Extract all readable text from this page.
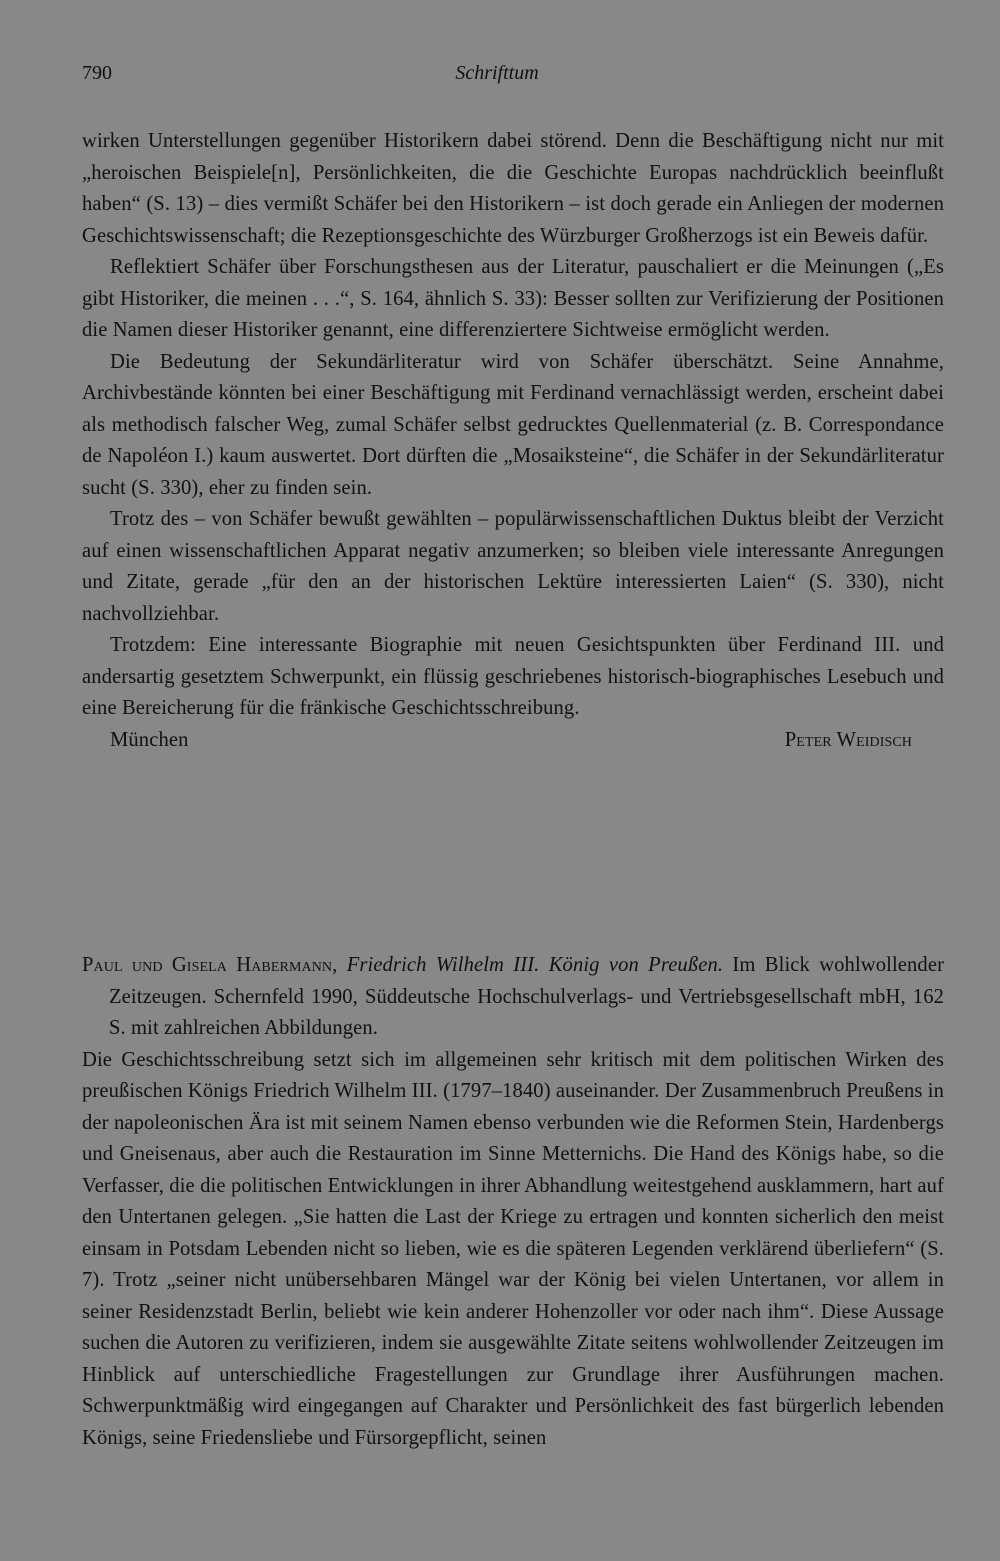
790	Schrifttum

wirken Unterstellungen gegenüber Historikern dabei störend. Denn die Beschäftigung nicht nur mit „heroischen Beispiele[n], Persönlichkeiten, die die Geschichte Europas nachdrücklich beeinflußt haben“ (S. 13) – dies vermißt Schäfer bei den Historikern – ist doch gerade ein Anliegen der modernen Geschichtswissenschaft; die Rezeptionsgeschichte des Würzburger Großherzogs ist ein Beweis dafür.

Reflektiert Schäfer über Forschungsthesen aus der Literatur, pauschaliert er die Meinungen („Es gibt Historiker, die meinen . . .“, S. 164, ähnlich S. 33): Besser sollten zur Verifizierung der Positionen die Namen dieser Historiker genannt, eine differenziertere Sichtweise ermöglicht werden.

Die Bedeutung der Sekundärliteratur wird von Schäfer überschätzt. Seine Annahme, Archivbestände könnten bei einer Beschäftigung mit Ferdinand vernachlässigt werden, erscheint dabei als methodisch falscher Weg, zumal Schäfer selbst gedrucktes Quellenmaterial (z. B. Correspondance de Napoléon I.) kaum auswertet. Dort dürften die „Mosaiksteine“, die Schäfer in der Sekundärliteratur sucht (S. 330), eher zu finden sein.

Trotz des – von Schäfer bewußt gewählten – populärwissenschaftlichen Duktus bleibt der Verzicht auf einen wissenschaftlichen Apparat negativ anzumerken; so bleiben viele interessante Anregungen und Zitate, gerade „für den an der historischen Lektüre interessierten Laien“ (S. 330), nicht nachvollziehbar.

Trotzdem: Eine interessante Biographie mit neuen Gesichtspunkten über Ferdinand III. und andersartig gesetztem Schwerpunkt, ein flüssig geschriebenes historisch-biographisches Lesebuch und eine Bereicherung für die fränkische Geschichtsschreibung.

München	Peter Weidisch

Paul und Gisela Habermann, Friedrich Wilhelm III. König von Preußen. Im Blick wohlwollender Zeitzeugen. Schernfeld 1990, Süddeutsche Hochschulverlags- und Vertriebsgesellschaft mbH, 162 S. mit zahlreichen Abbildungen.

Die Geschichtsschreibung setzt sich im allgemeinen sehr kritisch mit dem politischen Wirken des preußischen Königs Friedrich Wilhelm III. (1797–1840) auseinander. Der Zusammenbruch Preußens in der napoleonischen Ära ist mit seinem Namen ebenso verbunden wie die Reformen Stein, Hardenbergs und Gneisenaus, aber auch die Restauration im Sinne Metternichs. Die Hand des Königs habe, so die Verfasser, die die politischen Entwicklungen in ihrer Abhandlung weitestgehend ausklammern, hart auf den Untertanen gelegen. „Sie hatten die Last der Kriege zu ertragen und konnten sicherlich den meist einsam in Potsdam Lebenden nicht so lieben, wie es die späteren Legenden verklärend überliefern“ (S. 7). Trotz „seiner nicht unübersehbaren Mängel war der König bei vielen Untertanen, vor allem in seiner Residenzstadt Berlin, beliebt wie kein anderer Hohenzoller vor oder nach ihm“. Diese Aussage suchen die Autoren zu verifizieren, indem sie ausgewählte Zitate seitens wohlwollender Zeitzeugen im Hinblick auf unterschiedliche Fragestellungen zur Grundlage ihrer Ausführungen machen. Schwerpunktmäßig wird eingegangen auf Charakter und Persönlichkeit des fast bürgerlich lebenden Königs, seine Friedensliebe und Fürsorgepflicht, seinen
